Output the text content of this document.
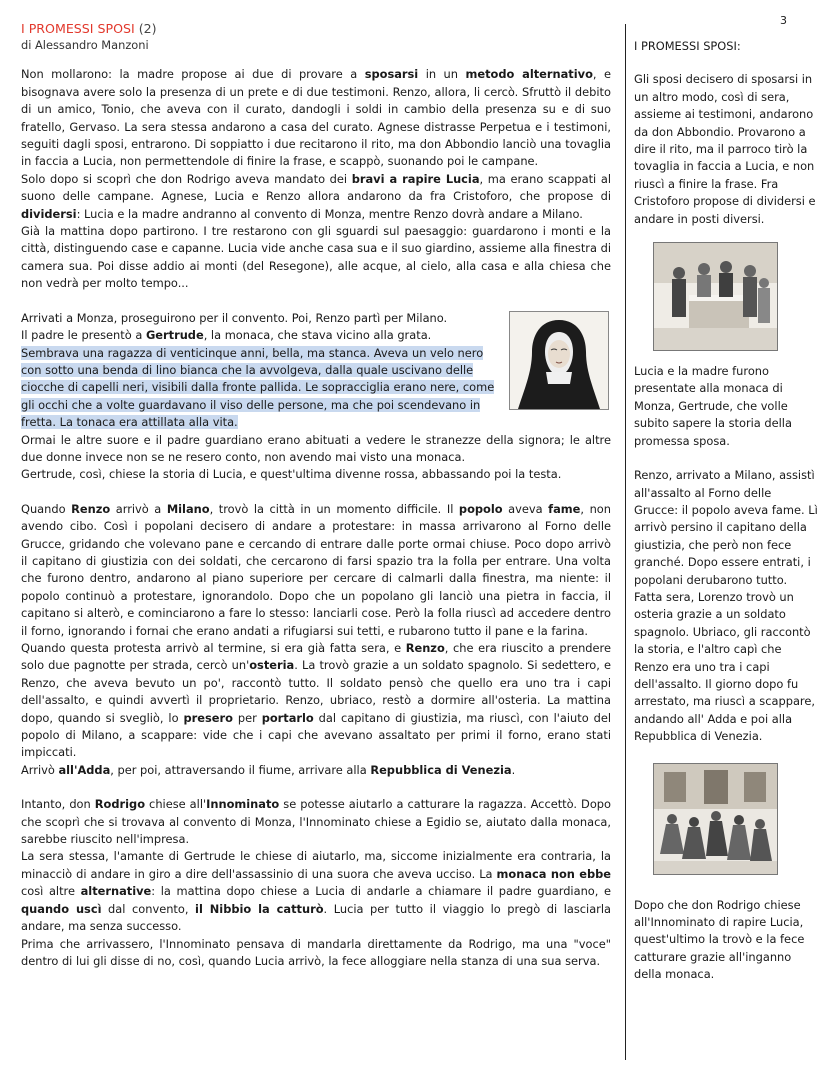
3
I PROMESSI SPOSI (2)
di Alessandro Manzoni

Non mollarono: la madre propose ai due di provare a sposarsi in un metodo alternativo, e bisognava avere solo la presenza di un prete e di due testimoni. Renzo, allora, li cercò. Sfruttò il debito di un amico, Tonio, che aveva con il curato, dandogli i soldi in cambio della presenza su e di suo fratello, Gervaso. La sera stessa andarono a casa del curato. Agnese distrasse Perpetua e i testimoni, seguiti dagli sposi, entrarono. Di soppiatto i due recitarono il rito, ma don Abbondio lanciò una tovaglia in faccia a Lucia, non permettendole di finire la frase, e scappò, suonando poi le campane.

Solo dopo si scoprì che don Rodrigo aveva mandato dei bravi a rapire Lucia, ma erano scappati al suono delle campane. Agnese, Lucia e Renzo allora andarono da fra Cristoforo, che propose di dividersi: Lucia e la madre andranno al convento di Monza, mentre Renzo dovrà andare a Milano.

Già la mattina dopo partirono. I tre restarono con gli sguardi sul paesaggio: guardarono i monti e la città, distinguendo case e capanne. Lucia vide anche casa sua e il suo giardino, assieme alla finestra di camera sua. Poi disse addio ai monti (del Resegone), alle acque, al cielo, alla casa e alla chiesa che non vedrà per molto tempo...

Arrivati a Monza, proseguirono per il convento. Poi, Renzo partì per Milano.

Il padre le presentò a Gertrude, la monaca, che stava vicino alla grata.

Sembrava una ragazza di venticinque anni, bella, ma stanca. Aveva un velo nero con sotto una benda di lino bianca che la avvolgeva, dalla quale uscivano delle ciocche di capelli neri, visibili dalla fronte pallida. Le sopracciglia erano nere, come gli occhi che a volte guardavano il viso delle persone, ma che poi scendevano in fretta. La tonaca era attillata alla vita.

Ormai le altre suore e il padre guardiano erano abituati a vedere le stranezze della signora; le altre due donne invece non se ne resero conto, non avendo mai visto una monaca.

Gertrude, così, chiese la storia di Lucia, e quest'ultima divenne rossa, abbassando poi la testa.

Quando Renzo arrivò a Milano, trovò la città in un momento difficile. Il popolo aveva fame, non avendo cibo. Così i popolani decisero di andare a protestare: in massa arrivarono al Forno delle Grucce, gridando che volevano pane e cercando di entrare dalle porte ormai chiuse. Poco dopo arrivò il capitano di giustizia con dei soldati, che cercarono di farsi spazio tra la folla per entrare. Una volta che furono dentro, andarono al piano superiore per cercare di calmarli dalla finestra, ma niente: il popolo continuò a protestare, ignorandolo. Dopo che un popolano gli lanciò una pietra in faccia, il capitano si alterò, e cominciarono a fare lo stesso: lanciarli cose. Però la folla riuscì ad accedere dentro il forno, ignorando i fornai che erano andati a rifugiarsi sui tetti, e rubarono tutto il pane e la farina.

Quando questa protesta arrivò al termine, si era già fatta sera, e Renzo, che era riuscito a prendere solo due pagnotte per strada, cercò un'osteria. La trovò grazie a un soldato spagnolo. Si sedettero, e Renzo, che aveva bevuto un po', raccontò tutto. Il soldato pensò che quello era uno tra i capi dell'assalto, e quindi avvertì il proprietario. Renzo, ubriaco, restò a dormire all'osteria. La mattina dopo, quando si svegliò, lo presero per portarlo dal capitano di giustizia, ma riuscì, con l'aiuto del popolo di Milano, a scappare: vide che i capi che avevano assaltato per primi il forno, erano stati impiccati.

Arrivò all'Adda, per poi, attraversando il fiume, arrivare alla Repubblica di Venezia.

Intanto, don Rodrigo chiese all'Innominato se potesse aiutarlo a catturare la ragazza. Accettò. Dopo che scoprì che si trovava al convento di Monza, l'Innominato chiese a Egidio se, aiutato dalla monaca, sarebbe riuscito nell'impresa.

La sera stessa, l'amante di Gertrude le chiese di aiutarlo, ma, siccome inizialmente era contraria, la minacciò di andare in giro a dire dell'assassinio di una suora che aveva ucciso. La monaca non ebbe così altre alternative: la mattina dopo chiese a Lucia di andarle a chiamare il padre guardiano, e quando uscì dal convento, il Nibbio la catturò. Lucia per tutto il viaggio lo pregò di lasciarla andare, ma senza successo.

Prima che arrivassero, l'Innominato pensava di mandarla direttamente da Rodrigo, ma una "voce" dentro di lui gli disse di no, così, quando Lucia arrivò, la fece alloggiare nella stanza di una sua serva.

I PROMESSI SPOSI:

Gli sposi decisero di sposarsi in un altro modo, così di sera, assieme ai testimoni, andarono da don Abbondio. Provarono a dire il rito, ma il parroco tirò la tovaglia in faccia a Lucia, e non riuscì a finire la frase. Fra Cristoforo propose di dividersi e andare in posti diversi.

Lucia e la madre furono presentate alla monaca di Monza, Gertrude, che volle subito sapere la storia della promessa sposa.

Renzo, arrivato a Milano, assistì all'assalto al Forno delle Grucce: il popolo aveva fame. Lì arrivò persino il capitano della giustizia, che però non fece granché. Dopo essere entrati, i popolani derubarono tutto.

Fatta sera, Lorenzo trovò un osteria grazie a un soldato spagnolo. Ubriaco, gli raccontò la storia, e l'altro capì che Renzo era uno tra i capi dell'assalto. Il giorno dopo fu arrestato, ma riuscì a scappare, andando all' Adda e poi alla Repubblica di Venezia.

Dopo che don Rodrigo chiese all'Innominato di rapire Lucia, quest'ultimo la trovò e la fece catturare grazie all'inganno della monaca.
